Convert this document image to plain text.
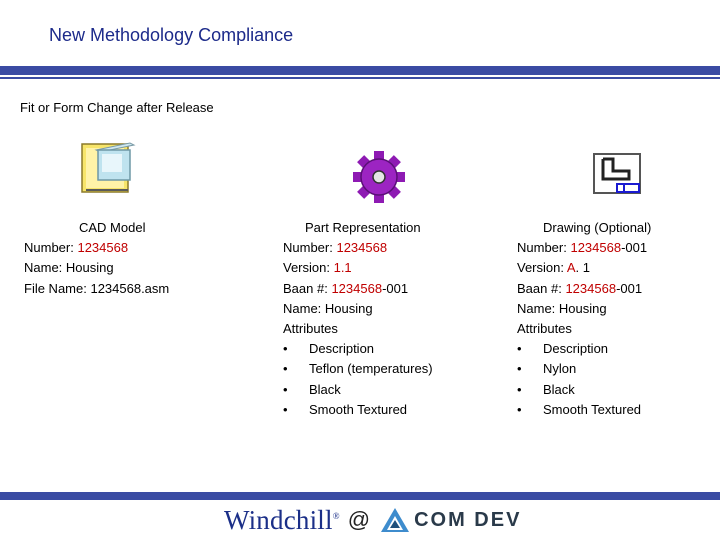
New Methodology Compliance
Fit or Form Change after Release
CAD Model
Number: 1234568
Name: Housing
File Name: 1234568.asm
Part Representation
Number: 1234568
Version: 1.1
Baan #: 1234568-001
Name: Housing
Attributes
• Description
• Teflon (temperatures)
• Black
• Smooth Textured
Drawing (Optional)
Number: 1234568-001
Version: A. 1
Baan #: 1234568-001
Name: Housing
Attributes
• Description
• Nylon
• Black
• Smooth Textured
Windchill® @ COM DEV
